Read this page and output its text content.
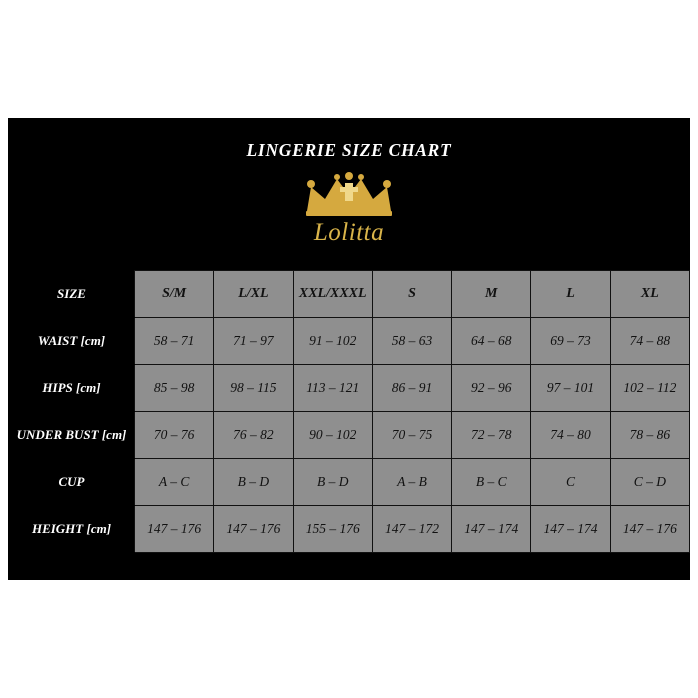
LINGERIE SIZE CHART
Lolitta
SIZE	S/M	L/XL	XXL/XXXL	S	M	L	XL
WAIST [cm]	58 – 71	71 – 97	91 – 102	58 – 63	64 – 68	69 – 73	74 – 88
HIPS [cm]	85 – 98	98 – 115	113 – 121	86 – 91	92 – 96	97 – 101	102 – 112
UNDER BUST [cm]	70 – 76	76 – 82	90 – 102	70 – 75	72 – 78	74 – 80	78 – 86
CUP	A – C	B – D	B – D	A – B	B – C	C	C – D
HEIGHT [cm]	147 – 176	147 – 176	155 – 176	147 – 172	147 – 174	147 – 174	147 – 176
